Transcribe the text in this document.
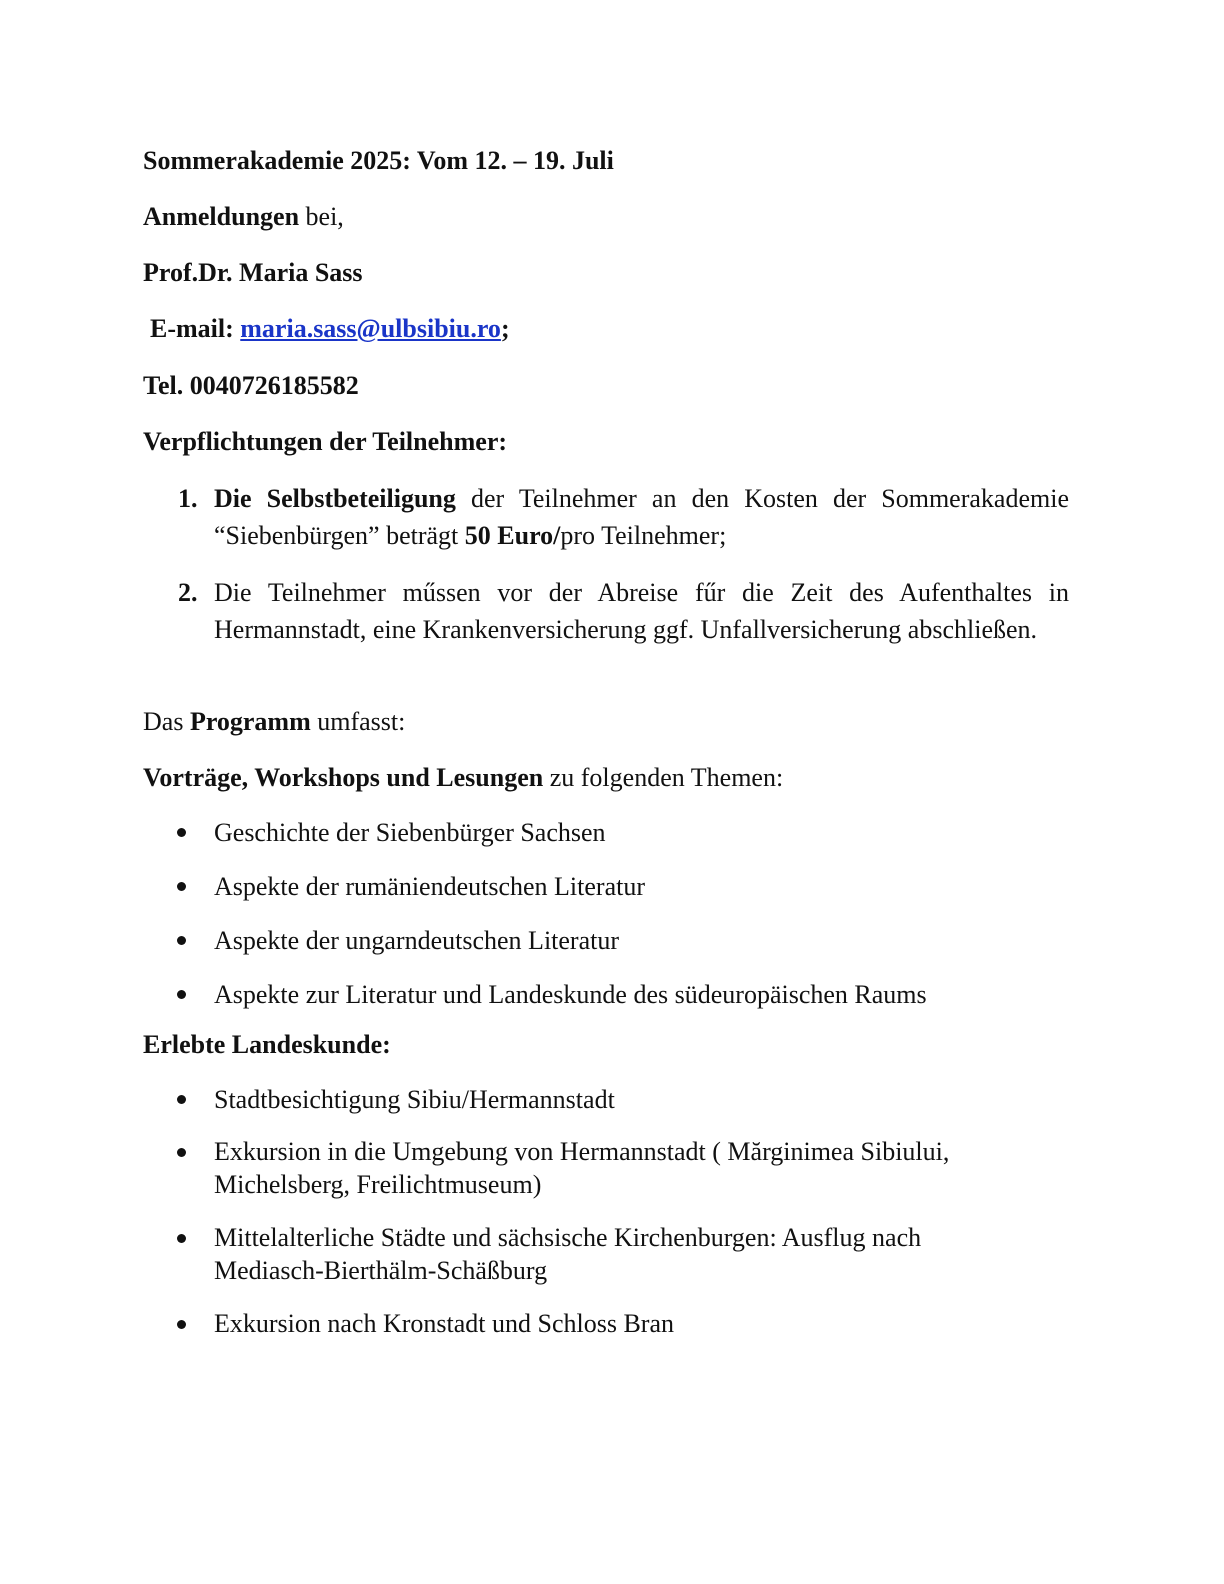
Sommerakademie 2025: Vom 12. – 19. Juli
Anmeldungen bei,
Prof.Dr. Maria Sass
E-mail: maria.sass@ulbsibiu.ro;
Tel. 0040726185582
Verpflichtungen der Teilnehmer:
1. Die Selbstbeteiligung der Teilnehmer an den Kosten der Sommerakademie “Siebenbürgen” beträgt 50 Euro/pro Teilnehmer;
2. Die Teilnehmer műssen vor der Abreise fűr die Zeit des Aufenthaltes in Hermannstadt, eine Krankenversicherung ggf. Unfallversicherung abschließen.
Das Programm umfasst:
Vorträge, Workshops und Lesungen zu folgenden Themen:
Geschichte der Siebenbürger Sachsen
Aspekte der rumäniendeutschen Literatur
Aspekte der ungarndeutschen Literatur
Aspekte zur Literatur und Landeskunde des südeuropäischen Raums
Erlebte Landeskunde:
Stadtbesichtigung Sibiu/Hermannstadt
Exkursion in die Umgebung von Hermannstadt ( Mărginimea Sibiului, Michelsberg, Freilichtmuseum)
Mittelalterliche Städte und sächsische Kirchenburgen: Ausflug nach Mediasch-Bierthälm-Schäßburg
Exkursion nach Kronstadt und Schloss Bran
